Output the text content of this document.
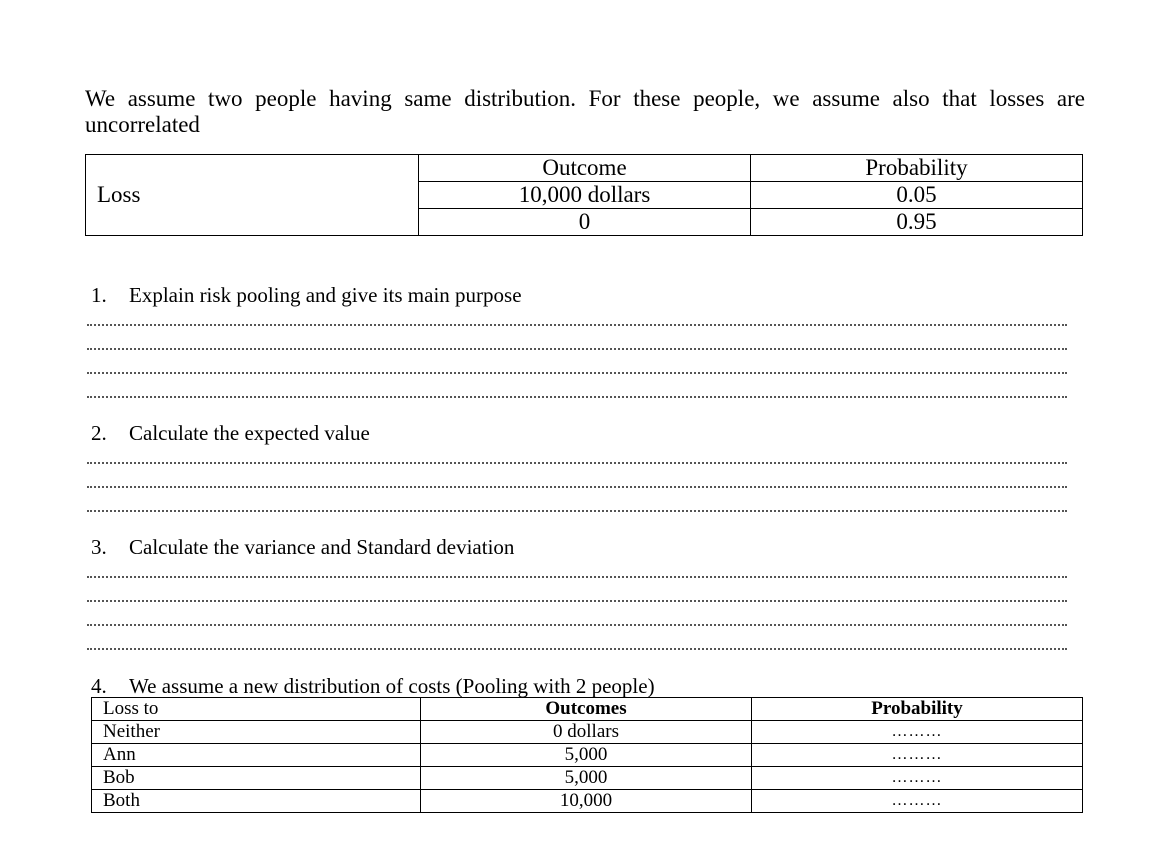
We assume two people having same distribution. For these people, we assume also that losses are uncorrelated
Loss	Outcome	Probability
	10,000 dollars	0.05
	0	0.95
1. Explain risk pooling and give its main purpose
2. Calculate the expected value
3. Calculate the variance and Standard deviation
4. We assume a new distribution of costs (Pooling with 2 people)
Loss to	Outcomes	Probability
Neither	0 dollars	………
Ann	5,000	………
Bob	5,000	………
Both	10,000	………
